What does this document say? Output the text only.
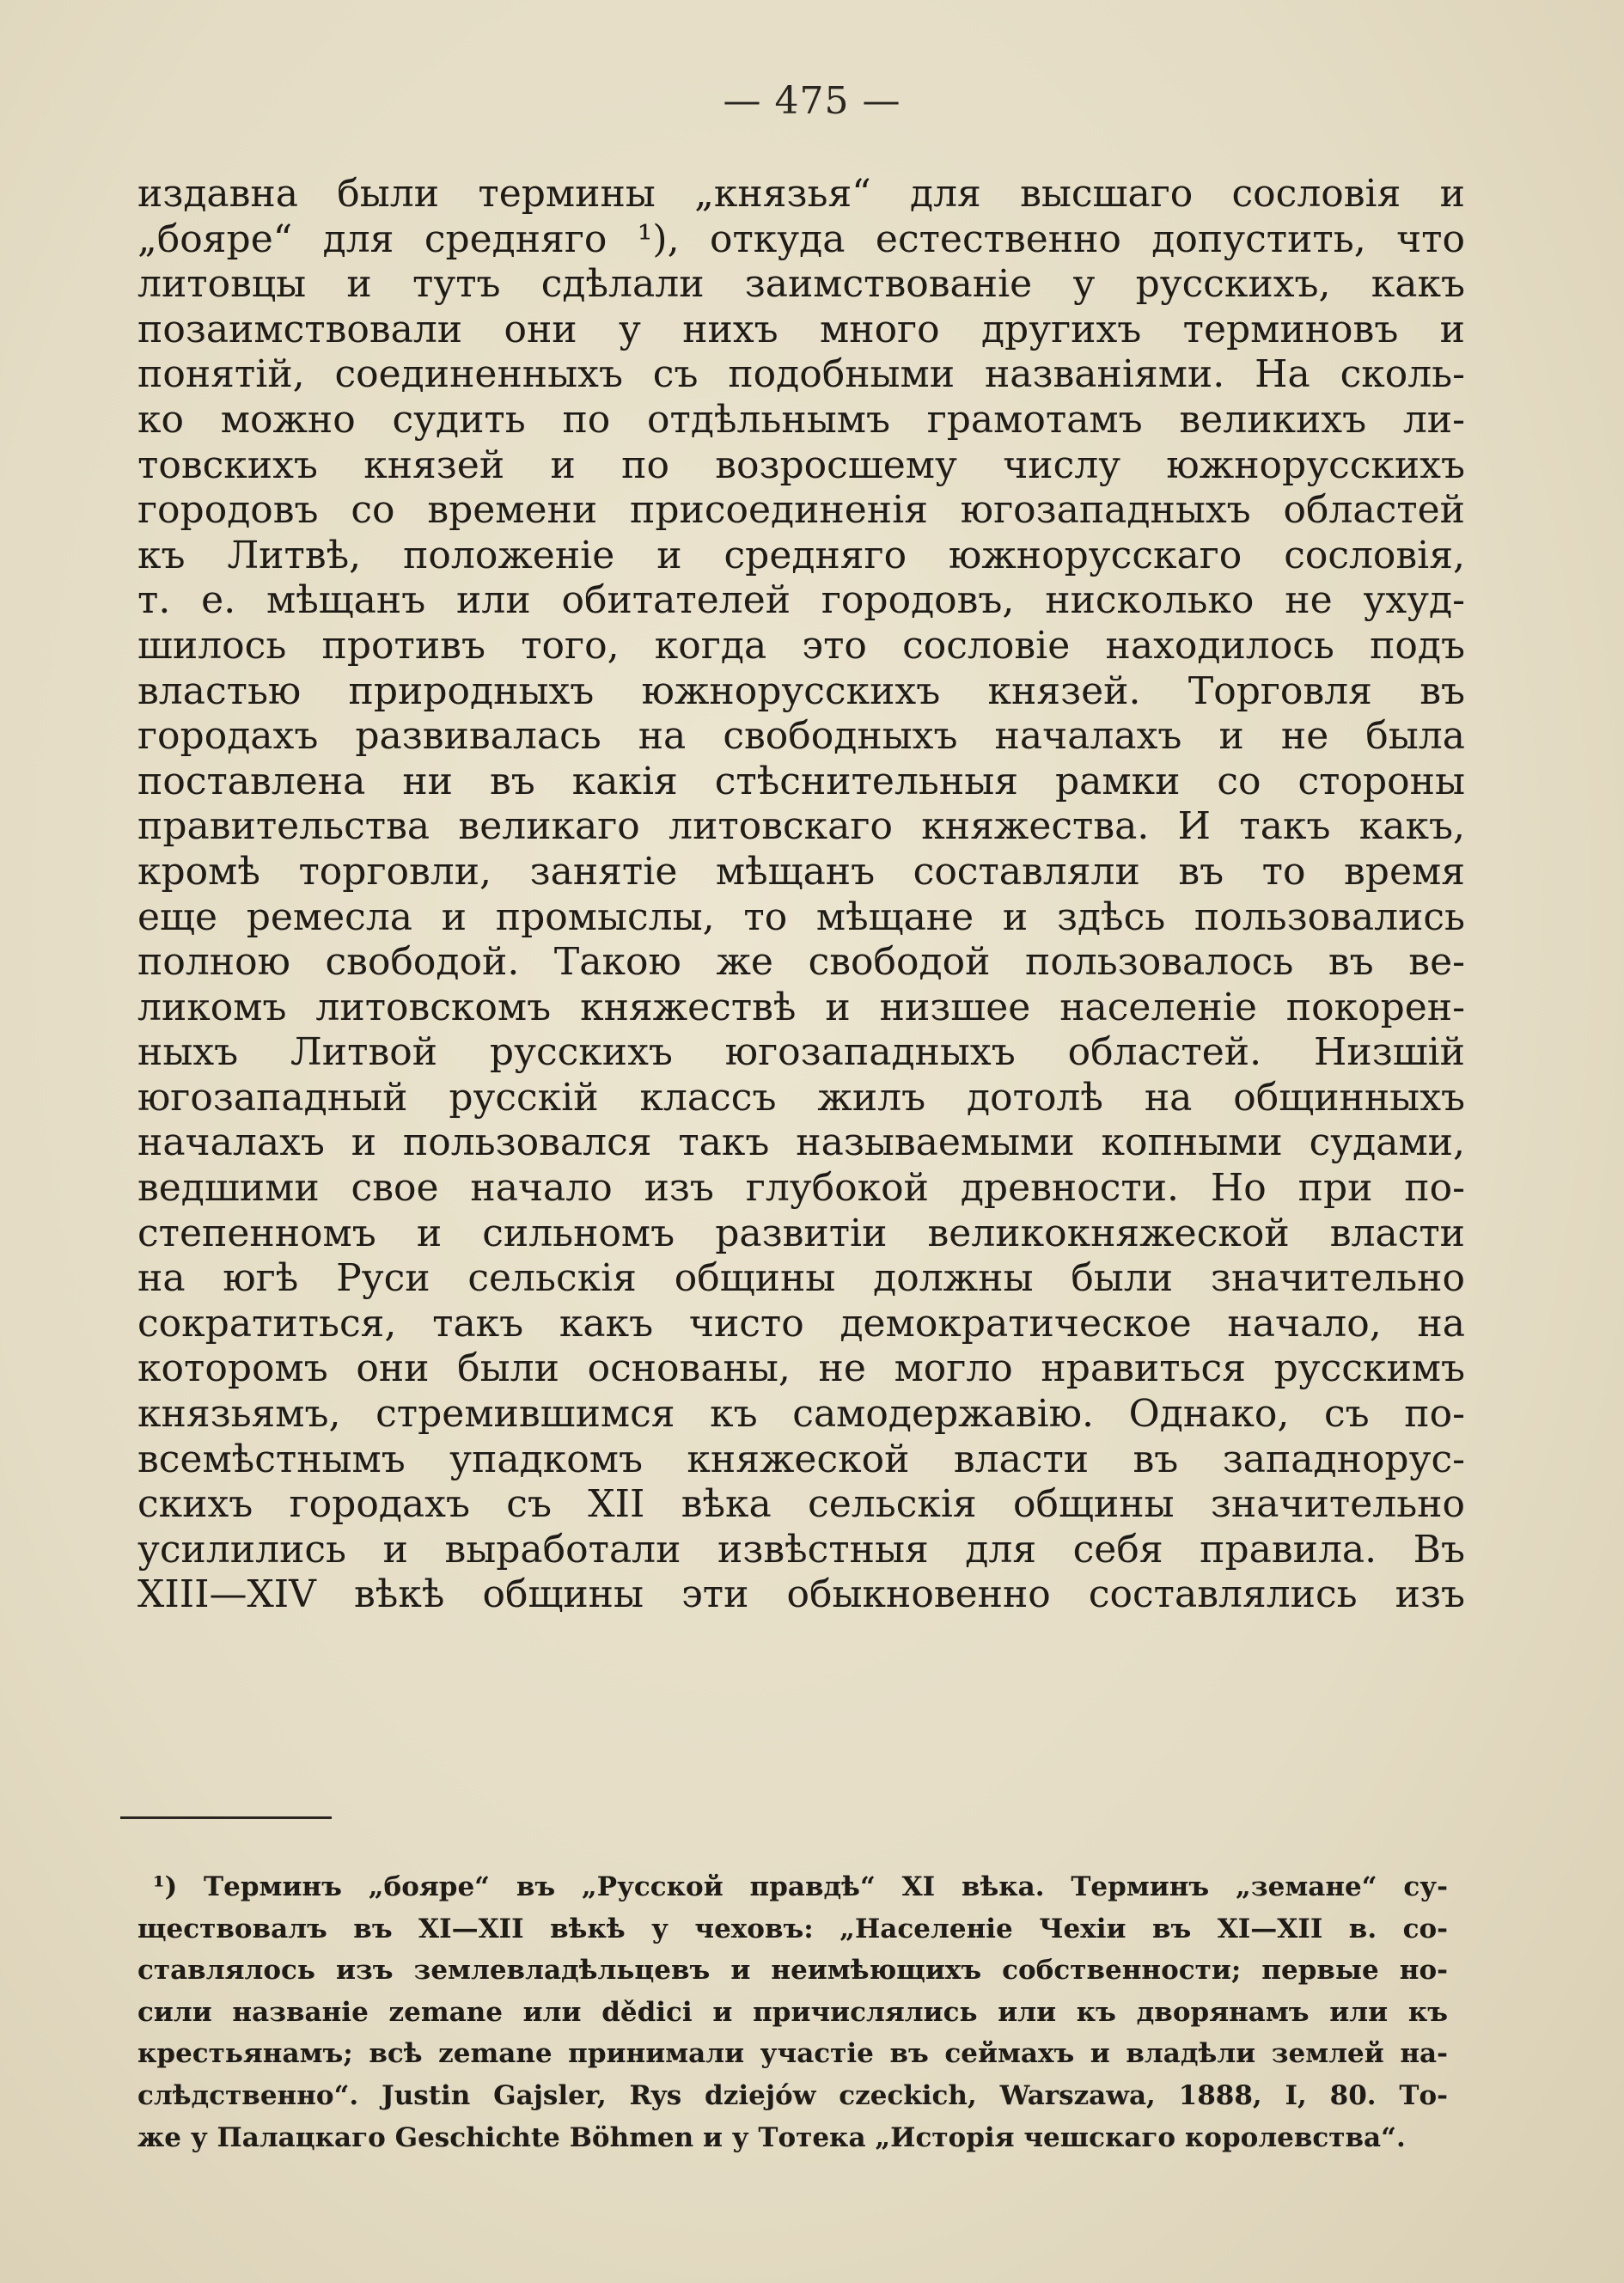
— 475 —
издавна были термины „князья“ для высшаго сословія и
„бояре“ для средняго ¹), откуда естественно допустить, что
литовцы и тутъ сдѣлали заимствованіе у русскихъ, какъ
позаимствовали они у нихъ много другихъ терминовъ и
понятій, соединенныхъ съ подобными названіями. На сколь-
ко можно судить по отдѣльнымъ грамотамъ великихъ ли-
товскихъ князей и по возросшему числу южнорусскихъ
городовъ со времени присоединенія югозападныхъ областей
къ Литвѣ, положеніе и средняго южнорусскаго сословія,
т. е. мѣщанъ или обитателей городовъ, нисколько не ухуд-
шилось противъ того, когда это сословіе находилось подъ
властью природныхъ южнорусскихъ князей. Торговля въ
городахъ развивалась на свободныхъ началахъ и не была
поставлена ни въ какія стѣснительныя рамки со стороны
правительства великаго литовскаго княжества. И такъ какъ,
кромѣ торговли, занятіе мѣщанъ составляли въ то время
еще ремесла и промыслы, то мѣщане и здѣсь пользовались
полною свободой. Такою же свободой пользовалось въ ве-
ликомъ литовскомъ княжествѣ и низшее населеніе покорен-
ныхъ Литвой русскихъ югозападныхъ областей. Низшій
югозападный русскій классъ жилъ дотолѣ на общинныхъ
началахъ и пользовался такъ называемыми копными судами,
ведшими свое начало изъ глубокой древности. Но при по-
степенномъ и сильномъ развитіи великокняжеской власти
на югѣ Руси сельскія общины должны были значительно
сократиться, такъ какъ чисто демократическое начало, на
которомъ они были основаны, не могло нравиться русскимъ
князьямъ, стремившимся къ самодержавію. Однако, съ по-
всемѣстнымъ упадкомъ княжеской власти въ западнорус-
скихъ городахъ съ XII вѣка сельскія общины значительно
усилились и выработали извѣстныя для себя правила. Въ
XIII—XIV вѣкѣ общины эти обыкновенно составлялись изъ
¹) Терминъ „бояре“ въ „Русской правдѣ“ XI вѣка. Терминъ „земане“ су-
ществовалъ въ XI—XII вѣкѣ у чеховъ: „Населеніе Чехіи въ XI—XII в. со-
ставлялось изъ землевладѣльцевъ и неимѣющихъ собственности; первые но-
сили названіе zemane или dědici и причислялись или къ дворянамъ или къ
крестьянамъ; всѣ zemane принимали участіе въ сеймахъ и владѣли землей на-
слѣдственно“. Justin Gajsler, Rys dziejów czeckich, Warszawa, 1888, I, 80. То-
же у Палацкаго Geschichte Böhmen и у Тотека „Исторія чешскаго королевства“.
